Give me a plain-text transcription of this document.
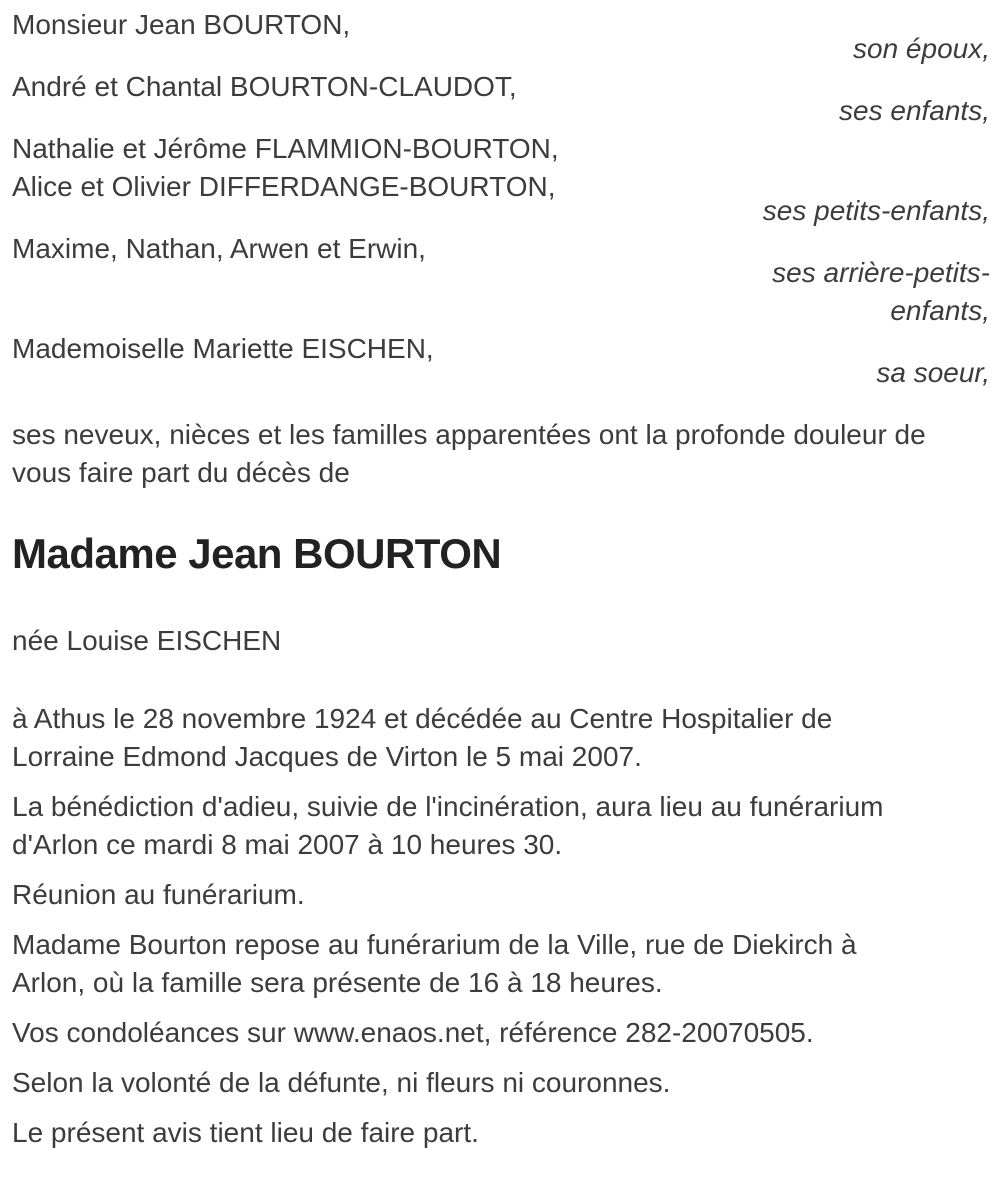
Monsieur Jean BOURTON,
son époux,
André et Chantal BOURTON-CLAUDOT,
ses enfants,
Nathalie et Jérôme FLAMMION-BOURTON,
Alice et Olivier DIFFERDANGE-BOURTON,
ses petits-enfants,
Maxime, Nathan, Arwen et Erwin,
ses arrière-petits-enfants,
Mademoiselle Mariette EISCHEN,
sa soeur,

ses neveux, nièces et les familles apparentées ont la profonde douleur de
vous faire part du décès de

Madame Jean BOURTON

née Louise EISCHEN

à Athus le 28 novembre 1924 et décédée au Centre Hospitalier de
Lorraine Edmond Jacques de Virton le 5 mai 2007.

La bénédiction d'adieu, suivie de l'incinération, aura lieu au funérarium
d'Arlon ce mardi 8 mai 2007 à 10 heures 30.

Réunion au funérarium.

Madame Bourton repose au funérarium de la Ville, rue de Diekirch à
Arlon, où la famille sera présente de 16 à 18 heures.

Vos condoléances sur www.enaos.net, référence 282-20070505.

Selon la volonté de la défunte, ni fleurs ni couronnes.

Le présent avis tient lieu de faire part.
